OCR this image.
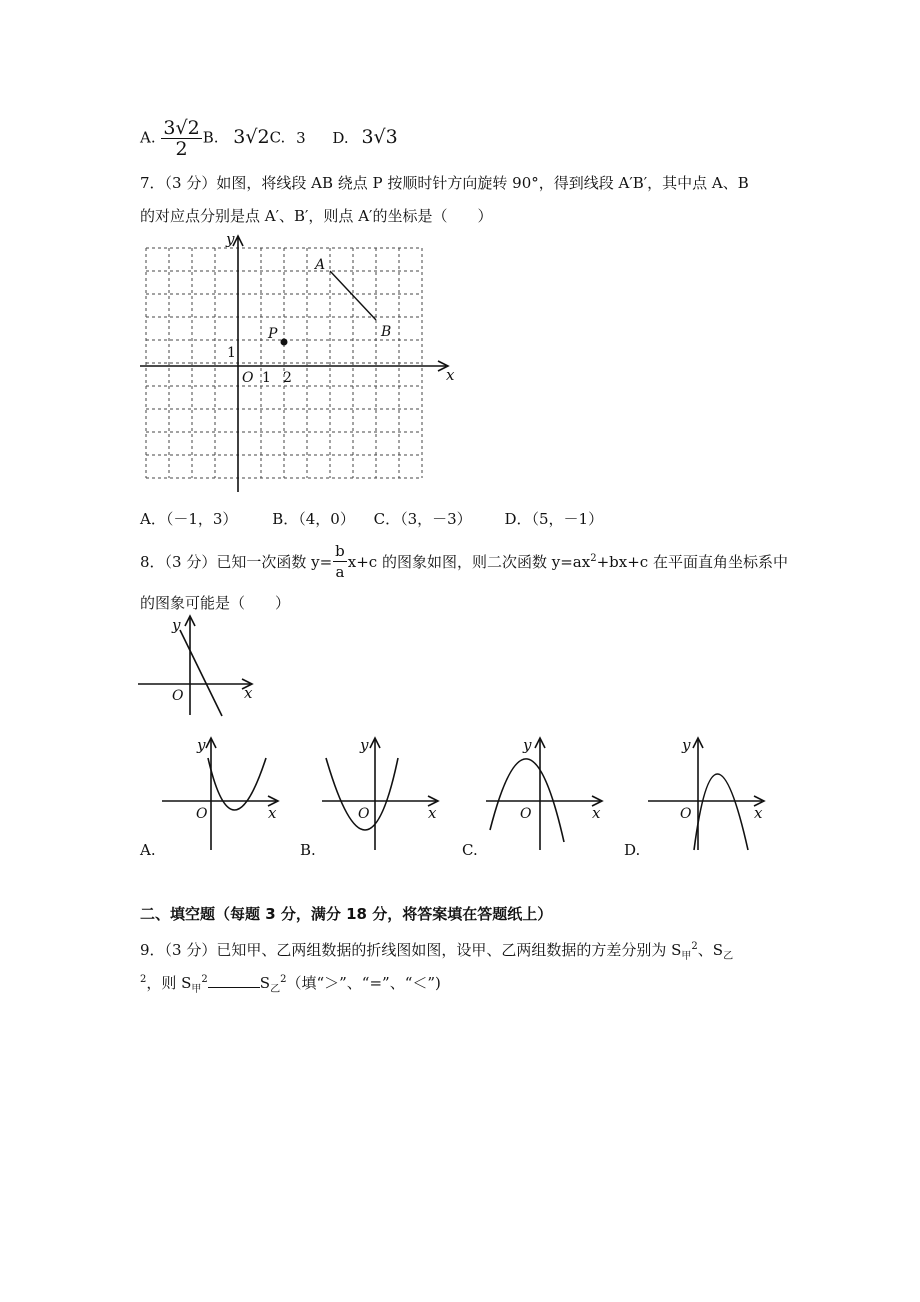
A. $\frac{3√2}{2} B$. 3√2C. 3 D. 3√3
7．（3 分）如图，将线段 AB 绕点 P 按顺时针方向旋转 90°，得到线段 A′B′，其中点 A、B
的对应点分别是点 A′、B′，则点 A′的坐标是（　　）
y
x
O 1 2
1
A
B
P
A．（－1，3） B．（4，0） C．（3，－3） D．（5，－1）
8．（3 分）已知一次函数 $y= \frac{b}{a} x+c$ 的图象如图，则二次函数 $y=ax^2+bx+c$ 在平面直角坐标系中
的图象可能是（　　）
y
x
O
y
x
O
y
x
O
y
x
O
y
x
O
A.	B.	C.	D.
二、填空题（每题 3 分，满分 18 分，将答案填在答题纸上）
9．（3 分）已知甲、乙两组数据的折线图如图，设甲、乙两组数据的方差分别为 $S_甲^2$、$S_乙$
$^2$，则 $S_甲^2$	$S_乙^2$（填“＞”、“=”、“＜”)
